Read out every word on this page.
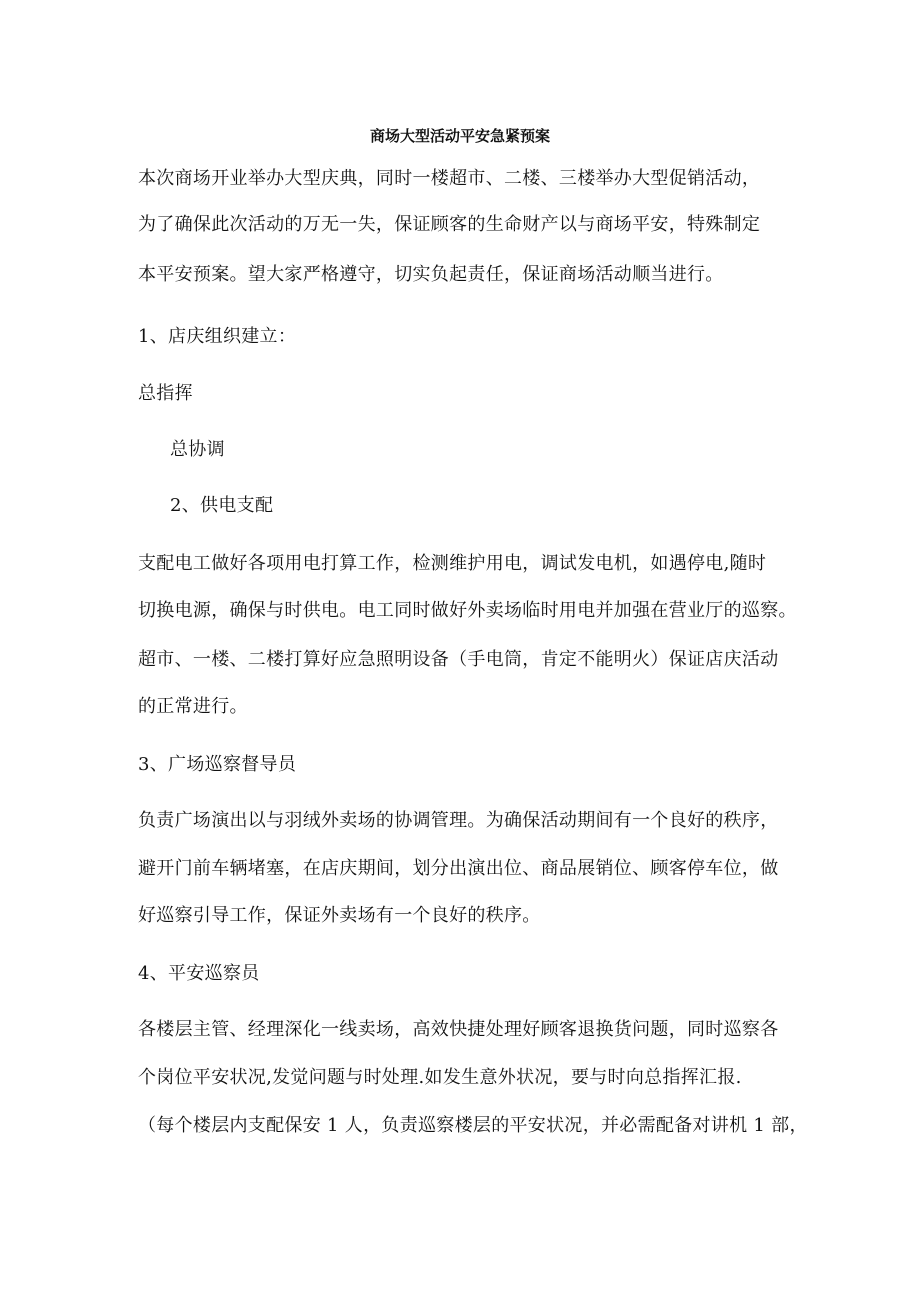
商场大型活动平安急紧预案
本次商场开业举办大型庆典，同时一楼超市、二楼、三楼举办大型促销活动，
为了确保此次活动的万无一失，保证顾客的生命财产以与商场平安，特殊制定
本平安预案。望大家严格遵守，切实负起责任，保证商场活动顺当进行。
1、店庆组织建立：
总指挥
总协调
2、供电支配
支配电工做好各项用电打算工作，检测维护用电，调试发电机，如遇停电,随时
切换电源，确保与时供电。电工同时做好外卖场临时用电并加强在营业厅的巡察。
超市、一楼、二楼打算好应急照明设备（手电筒，肯定不能明火）保证店庆活动
的正常进行。
3、广场巡察督导员
负责广场演出以与羽绒外卖场的协调管理。为确保活动期间有一个良好的秩序，
避开门前车辆堵塞，在店庆期间，划分出演出位、商品展销位、顾客停车位，做
好巡察引导工作，保证外卖场有一个良好的秩序。
4、平安巡察员
各楼层主管、经理深化一线卖场，高效快捷处理好顾客退换货问题，同时巡察各
个岗位平安状况,发觉问题与时处理.如发生意外状况，要与时向总指挥汇报.
（每个楼层内支配保安 1 人，负责巡察楼层的平安状况，并必需配备对讲机 1 部，
